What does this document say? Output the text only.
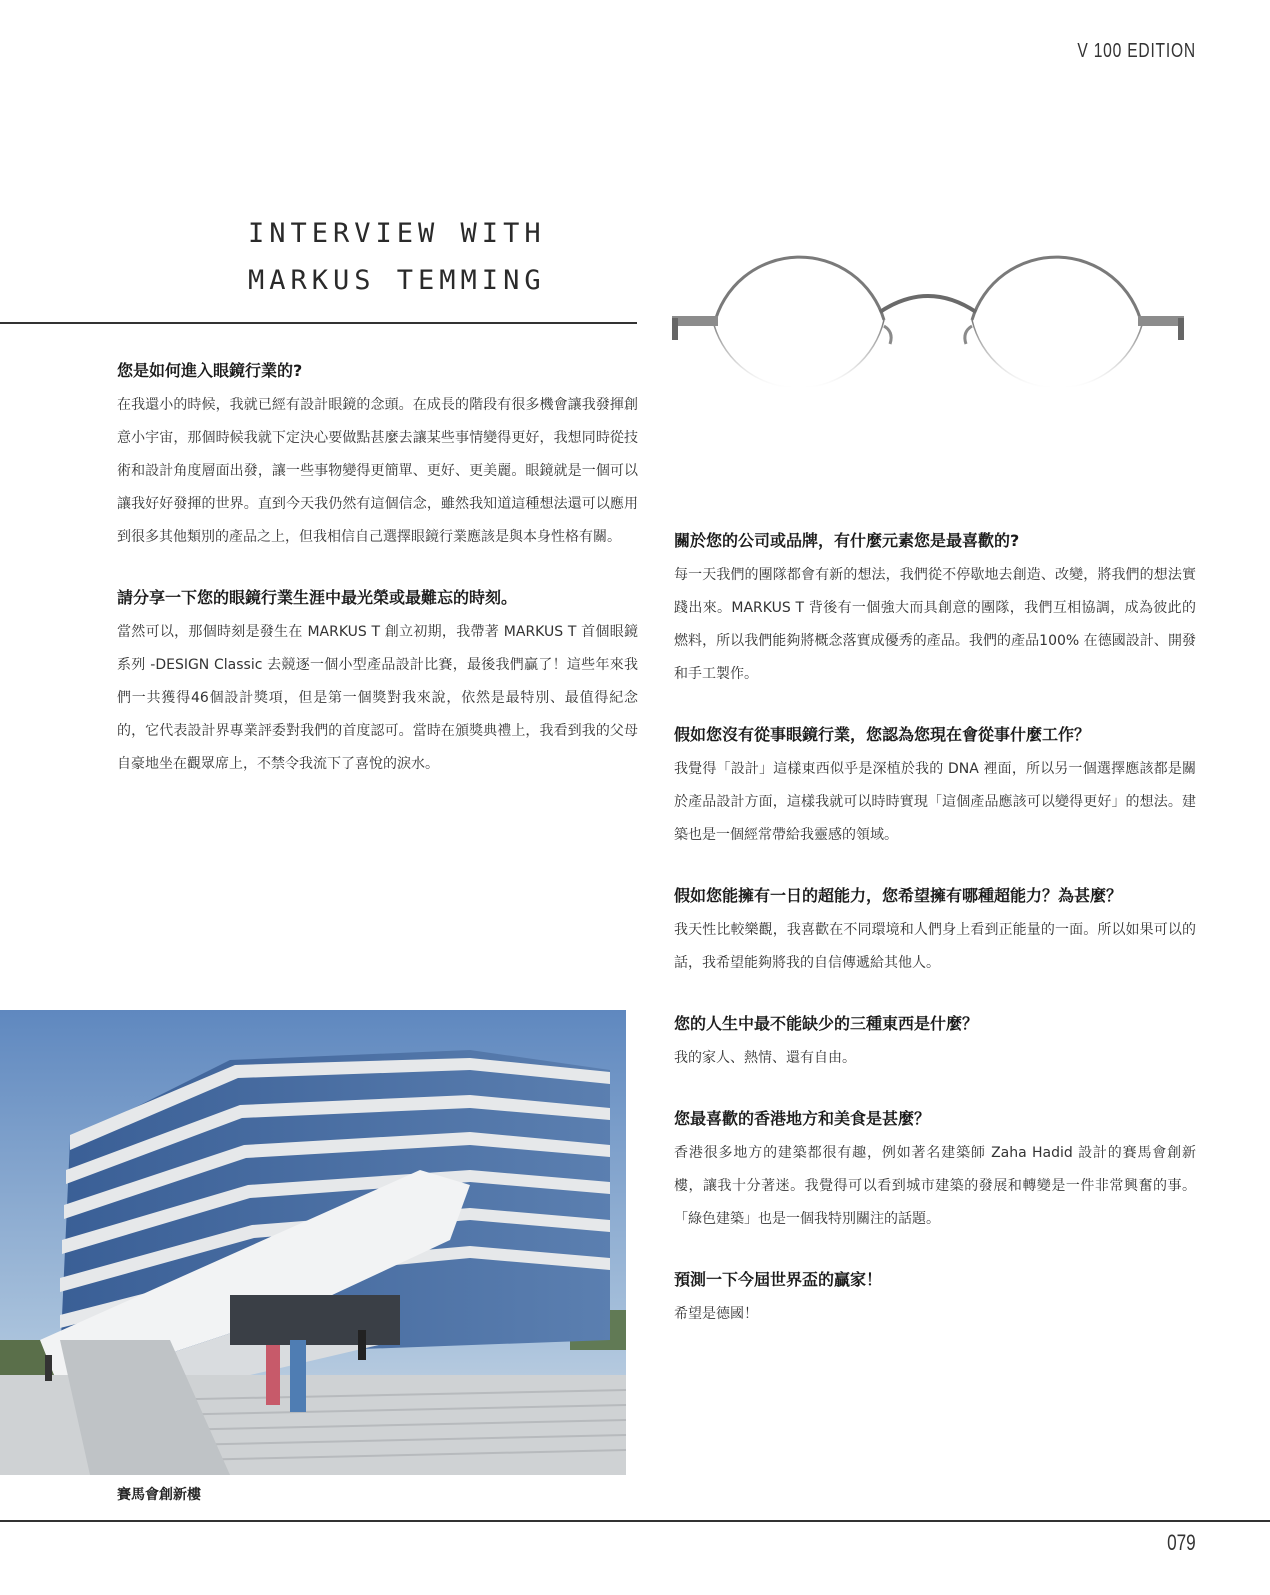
V 100 EDITION
INTERVIEW WITH
MARKUS TEMMING

您是如何進入眼鏡行業的?

在我還小的時候，我就已經有設計眼鏡的念頭。在成長的階段有很多機會讓我發揮創意小宇宙，那個時候我就下定決心要做點甚麼去讓某些事情變得更好，我想同時從技術和設計角度層面出發，讓一些事物變得更簡單、更好、更美麗。眼鏡就是一個可以讓我好好發揮的世界。直到今天我仍然有這個信念，雖然我知道這種想法還可以應用到很多其他類別的產品之上，但我相信自己選擇眼鏡行業應該是與本身性格有關。

請分享一下您的眼鏡行業生涯中最光榮或最難忘的時刻。

當然可以，那個時刻是發生在 MARKUS T 創立初期，我帶著 MARKUS T 首個眼鏡系列 -DESIGN Classic 去競逐一個小型產品設計比賽，最後我們贏了！這些年來我們一共獲得46個設計獎項，但是第一個獎對我來說，依然是最特別、最值得紀念的，它代表設計界專業評委對我們的首度認可。當時在頒獎典禮上，我看到我的父母自豪地坐在觀眾席上，不禁令我流下了喜悅的淚水。

關於您的公司或品牌，有什麼元素您是最喜歡的?

每一天我們的團隊都會有新的想法，我們從不停歇地去創造、改變，將我們的想法實踐出來。MARKUS T 背後有一個強大而具創意的團隊，我們互相協調，成為彼此的燃料，所以我們能夠將概念落實成優秀的產品。我們的產品100% 在德國設計、開發和手工製作。

假如您沒有從事眼鏡行業，您認為您現在會從事什麼工作？

我覺得「設計」這樣東西似乎是深植於我的 DNA 裡面，所以另一個選擇應該都是關於產品設計方面，這樣我就可以時時實現「這個產品應該可以變得更好」的想法。建築也是一個經常帶給我靈感的領域。

假如您能擁有一日的超能力，您希望擁有哪種超能力？為甚麼？

我天性比較樂觀，我喜歡在不同環境和人們身上看到正能量的一面。所以如果可以的話，我希望能夠將我的自信傳遞給其他人。

您的人生中最不能缺少的三種東西是什麼？

我的家人、熱情、還有自由。

您最喜歡的香港地方和美食是甚麼？

香港很多地方的建築都很有趣，例如著名建築師 Zaha Hadid 設計的賽馬會創新樓，讓我十分著迷。我覺得可以看到城市建築的發展和轉變是一件非常興奮的事。「綠色建築」也是一個我特別關注的話題。

預測一下今屆世界盃的贏家！

希望是德國！

賽馬會創新樓
079
